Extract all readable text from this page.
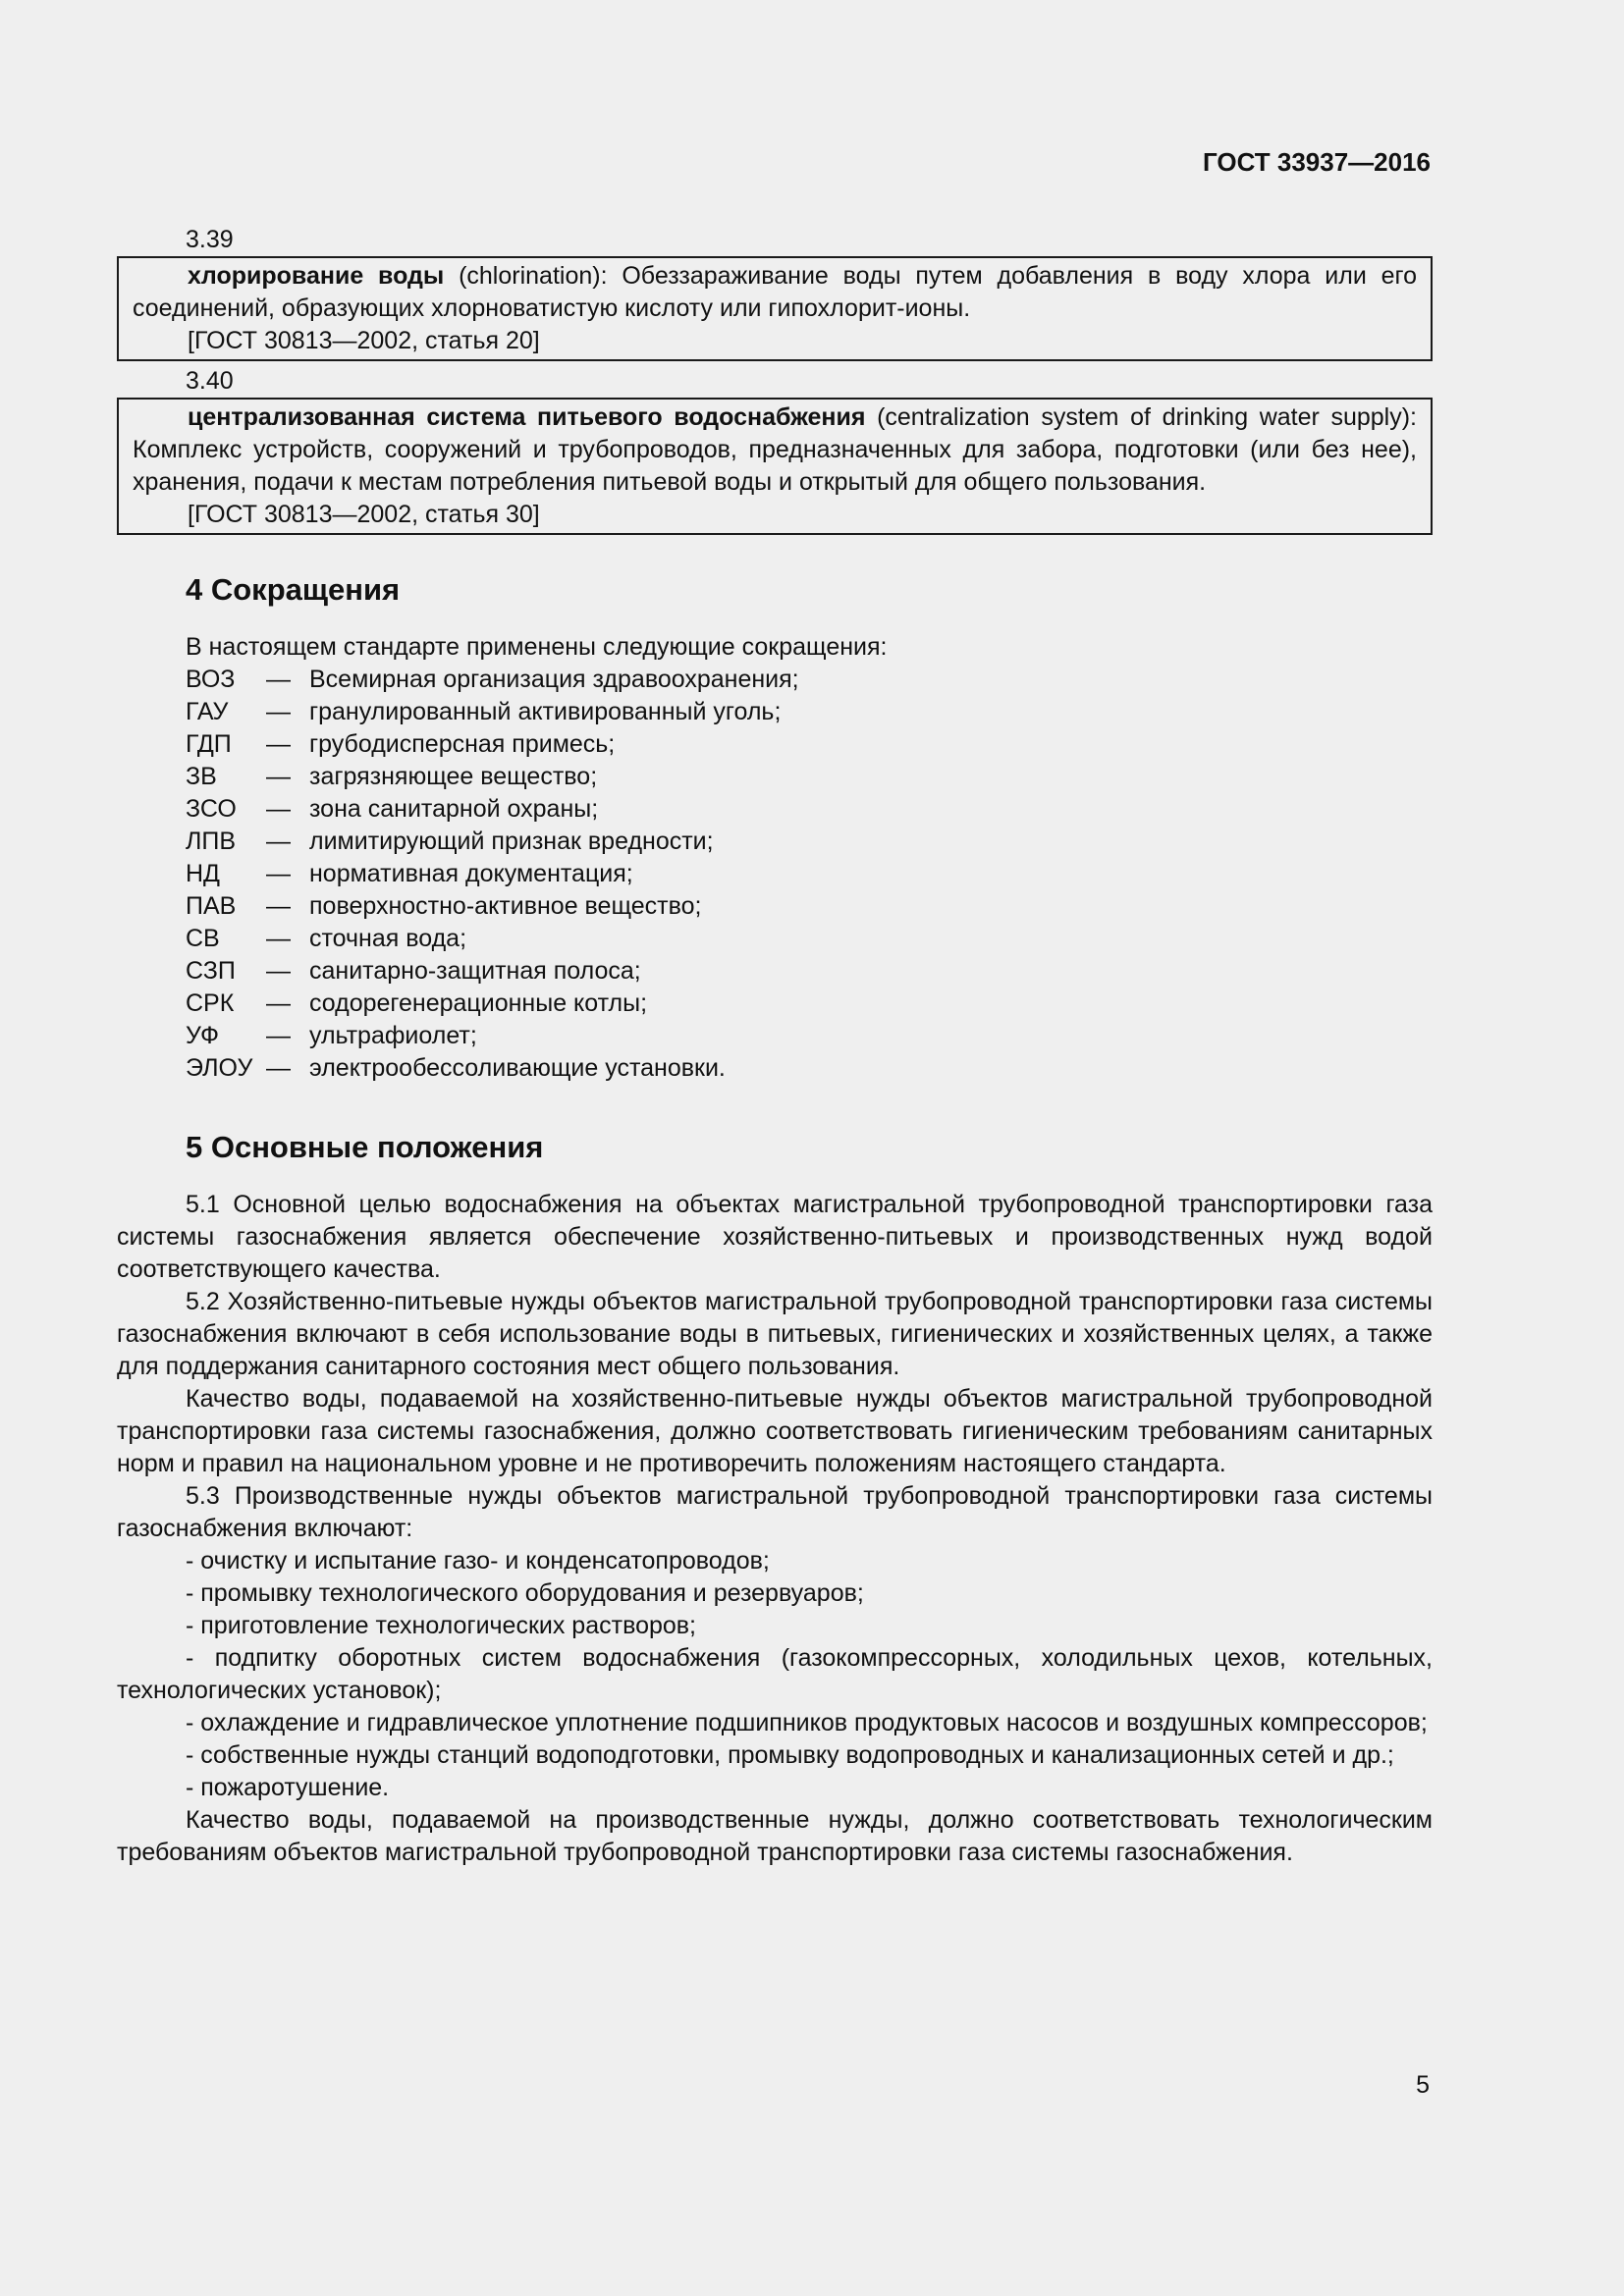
ГОСТ 33937—2016
3.39

хлорирование воды (chlorination): Обеззараживание воды путем добавления в воду хлора или его соединений, образующих хлорноватистую кислоту или гипохлорит-ионы.

[ГОСТ 30813—2002, статья 20]

3.40

централизованная система питьевого водоснабжения (centralization system of drinking water supply): Комплекс устройств, сооружений и трубопроводов, предназначенных для забора, подготовки (или без нее), хранения, подачи к местам потребления питьевой воды и открытый для общего пользования.

[ГОСТ 30813—2002, статья 30]

4 Сокращения

В настоящем стандарте применены следующие сокращения:

ВОЗ	— Всемирная организация здравоохранения;
ГАУ	— гранулированный активированный уголь;
ГДП	— грубодисперсная примесь;
ЗВ	— загрязняющее вещество;
ЗСО	— зона санитарной охраны;
ЛПВ	— лимитирующий признак вредности;
НД	— нормативная документация;
ПАВ	— поверхностно-активное вещество;
СВ	— сточная вода;
СЗП	— санитарно-защитная полоса;
СРК	— содорегенерационные котлы;
УФ	— ультрафиолет;
ЭЛОУ — электрообессоливающие установки.
5 Основные положения

5.1 Основной целью водоснабжения на объектах магистральной трубопроводной транспортировки газа системы газоснабжения является обеспечение хозяйственно-питьевых и производственных нужд водой соответствующего качества.

5.2 Хозяйственно-питьевые нужды объектов магистральной трубопроводной транспортировки газа системы газоснабжения включают в себя использование воды в питьевых, гигиенических и хозяйственных целях, а также для поддержания санитарного состояния мест общего пользования.

Качество воды, подаваемой на хозяйственно-питьевые нужды объектов магистральной трубопроводной транспортировки газа системы газоснабжения, должно соответствовать гигиеническим требованиям санитарных норм и правил на национальном уровне и не противоречить положениям настоящего стандарта.

5.3 Производственные нужды объектов магистральной трубопроводной транспортировки газа системы газоснабжения включают:

- очистку и испытание газо- и конденсатопроводов;

- промывку технологического оборудования и резервуаров;

- приготовление технологических растворов;

- подпитку оборотных систем водоснабжения (газокомпрессорных, холодильных цехов, котельных, технологических установок);

- охлаждение и гидравлическое уплотнение подшипников продуктовых насосов и воздушных компрессоров;

- собственные нужды станций водоподготовки, промывку водопроводных и канализационных сетей и др.;

- пожаротушение.

Качество воды, подаваемой на производственные нужды, должно соответствовать технологическим требованиям объектов магистральной трубопроводной транспортировки газа системы газоснабжения.

5
